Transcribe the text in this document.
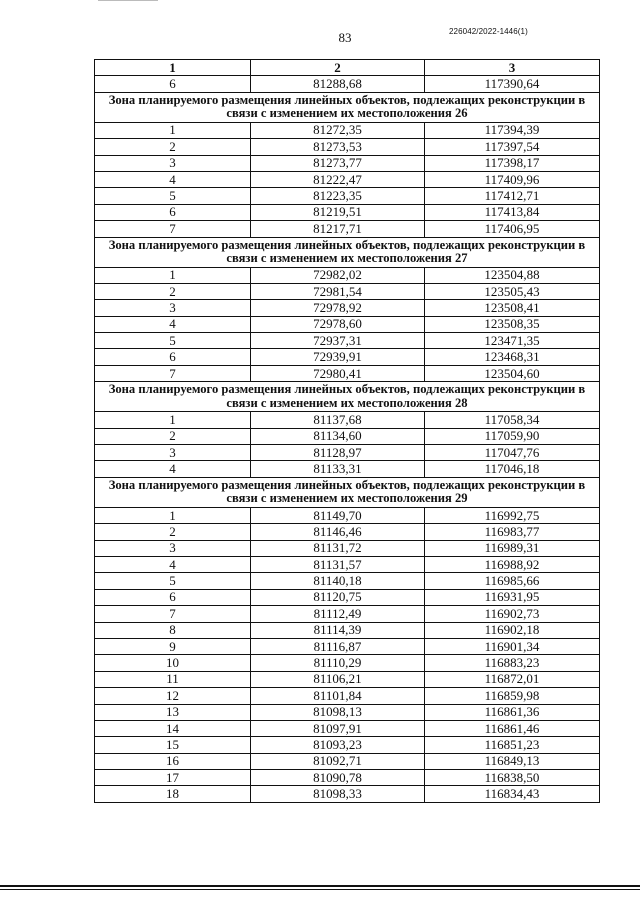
83	226042/2022-1446(1)
1	2	3
6	81288,68	117390,64
Зона планируемого размещения линейных объектов, подлежащих реконструкции в связи с изменением их местоположения 26		
1	81272,35	117394,39
2	81273,53	117397,54
3	81273,77	117398,17
4	81222,47	117409,96
5	81223,35	117412,71
6	81219,51	117413,84
7	81217,71	117406,95
Зона планируемого размещения линейных объектов, подлежащих реконструкции в связи с изменением их местоположения 27		
1	72982,02	123504,88
2	72981,54	123505,43
3	72978,92	123508,41
4	72978,60	123508,35
5	72937,31	123471,35
6	72939,91	123468,31
7	72980,41	123504,60
Зона планируемого размещения линейных объектов, подлежащих реконструкции в связи с изменением их местоположения 28		
1	81137,68	117058,34
2	81134,60	117059,90
3	81128,97	117047,76
4	81133,31	117046,18
Зона планируемого размещения линейных объектов, подлежащих реконструкции в связи с изменением их местоположения 29		
1	81149,70	116992,75
2	81146,46	116983,77
3	81131,72	116989,31
4	81131,57	116988,92
5	81140,18	116985,66
6	81120,75	116931,95
7	81112,49	116902,73
8	81114,39	116902,18
9	81116,87	116901,34
10	81110,29	116883,23
11	81106,21	116872,01
12	81101,84	116859,98
13	81098,13	116861,36
14	81097,91	116861,46
15	81093,23	116851,23
16	81092,71	116849,13
17	81090,78	116838,50
18	81098,33	116834,43
